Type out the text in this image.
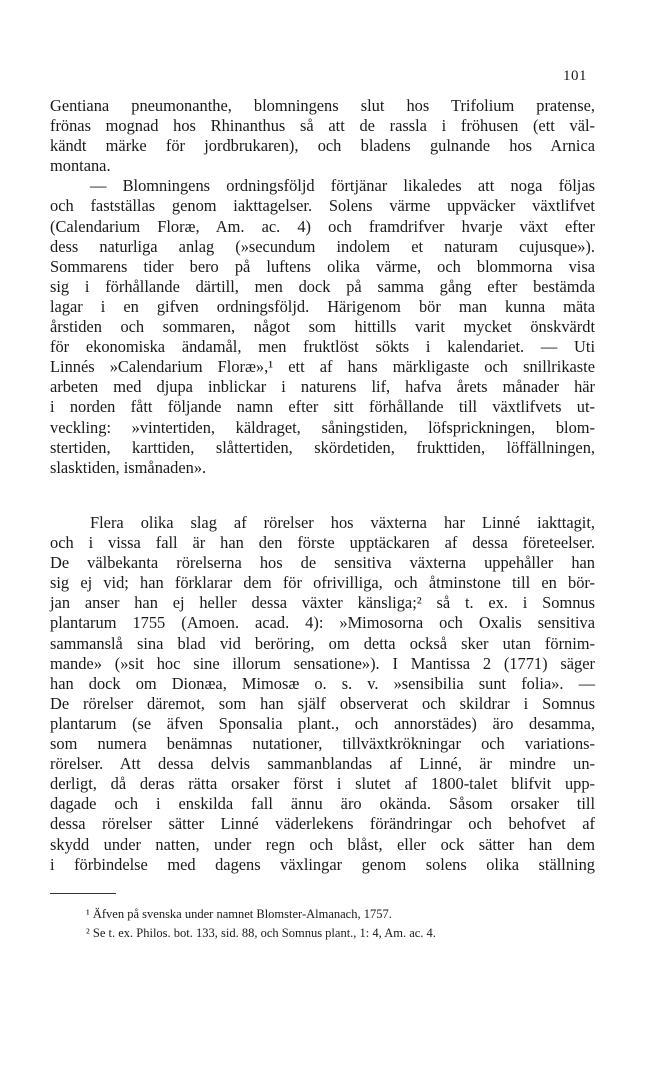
101
Gentiana pneumonanthe, blomningens slut hos Trifolium pratense,
frönas mognad hos Rhinanthus så att de rassla i fröhusen (ett väl-
kändt märke för jordbrukaren), och bladens gulnande hos Arnica
montana.
— Blomningens ordningsföljd förtjänar likaledes att noga följas
och fastställas genom iakttagelser. Solens värme uppväcker växtlifvet
(Calendarium Floræ, Am. ac. 4) och framdrifver hvarje växt efter
dess naturliga anlag (»secundum indolem et naturam cujusque»).
Sommarens tider bero på luftens olika värme, och blommorna visa
sig i förhållande därtill, men dock på samma gång efter bestämda
lagar i en gifven ordningsföljd. Härigenom bör man kunna mäta
årstiden och sommaren, något som hittills varit mycket önskvärdt
för ekonomiska ändamål, men fruktlöst sökts i kalendariet. — Uti
Linnés »Calendarium Floræ»,¹ ett af hans märkligaste och snillrikaste
arbeten med djupa inblickar i naturens lif, hafva årets månader här
i norden fått följande namn efter sitt förhållande till växtlifvets ut-
veckling: »vintertiden, käldraget, såningstiden, löfsprickningen, blom-
stertiden, karttiden, slåttertiden, skördetiden, frukttiden, löffällningen,
slasktiden, ismånaden».
Flera olika slag af rörelser hos växterna har Linné iakttagit,
och i vissa fall är han den förste upptäckaren af dessa företeelser.
De välbekanta rörelserna hos de sensitiva växterna uppehåller han
sig ej vid; han förklarar dem för ofrivilliga, och åtminstone till en bör-
jan anser han ej heller dessa växter känsliga;² så t. ex. i Somnus
plantarum 1755 (Amoen. acad. 4): »Mimosorna och Oxalis sensitiva
sammanslå sina blad vid beröring, om detta också sker utan förnim-
mande» (»sit hoc sine illorum sensatione»). I Mantissa 2 (1771) säger
han dock om Dionæa, Mimosæ o. s. v. »sensibilia sunt folia». —
De rörelser däremot, som han själf observerat och skildrar i Somnus
plantarum (se äfven Sponsalia plant., och annorstädes) äro desamma,
som numera benämnas nutationer, tillväxtkrökningar och variations-
rörelser. Att dessa delvis sammanblandas af Linné, är mindre un-
derligt, då deras rätta orsaker först i slutet af 1800-talet blifvit upp-
dagade och i enskilda fall ännu äro okända. Såsom orsaker till
dessa rörelser sätter Linné väderlekens förändringar och behofvet af
skydd under natten, under regn och blåst, eller ock sätter han dem
i förbindelse med dagens växlingar genom solens olika ställning
¹ Äfven på svenska under namnet Blomster-Almanach, 1757.
² Se t. ex. Philos. bot. 133, sid. 88, och Somnus plant., 1: 4, Am. ac. 4.
